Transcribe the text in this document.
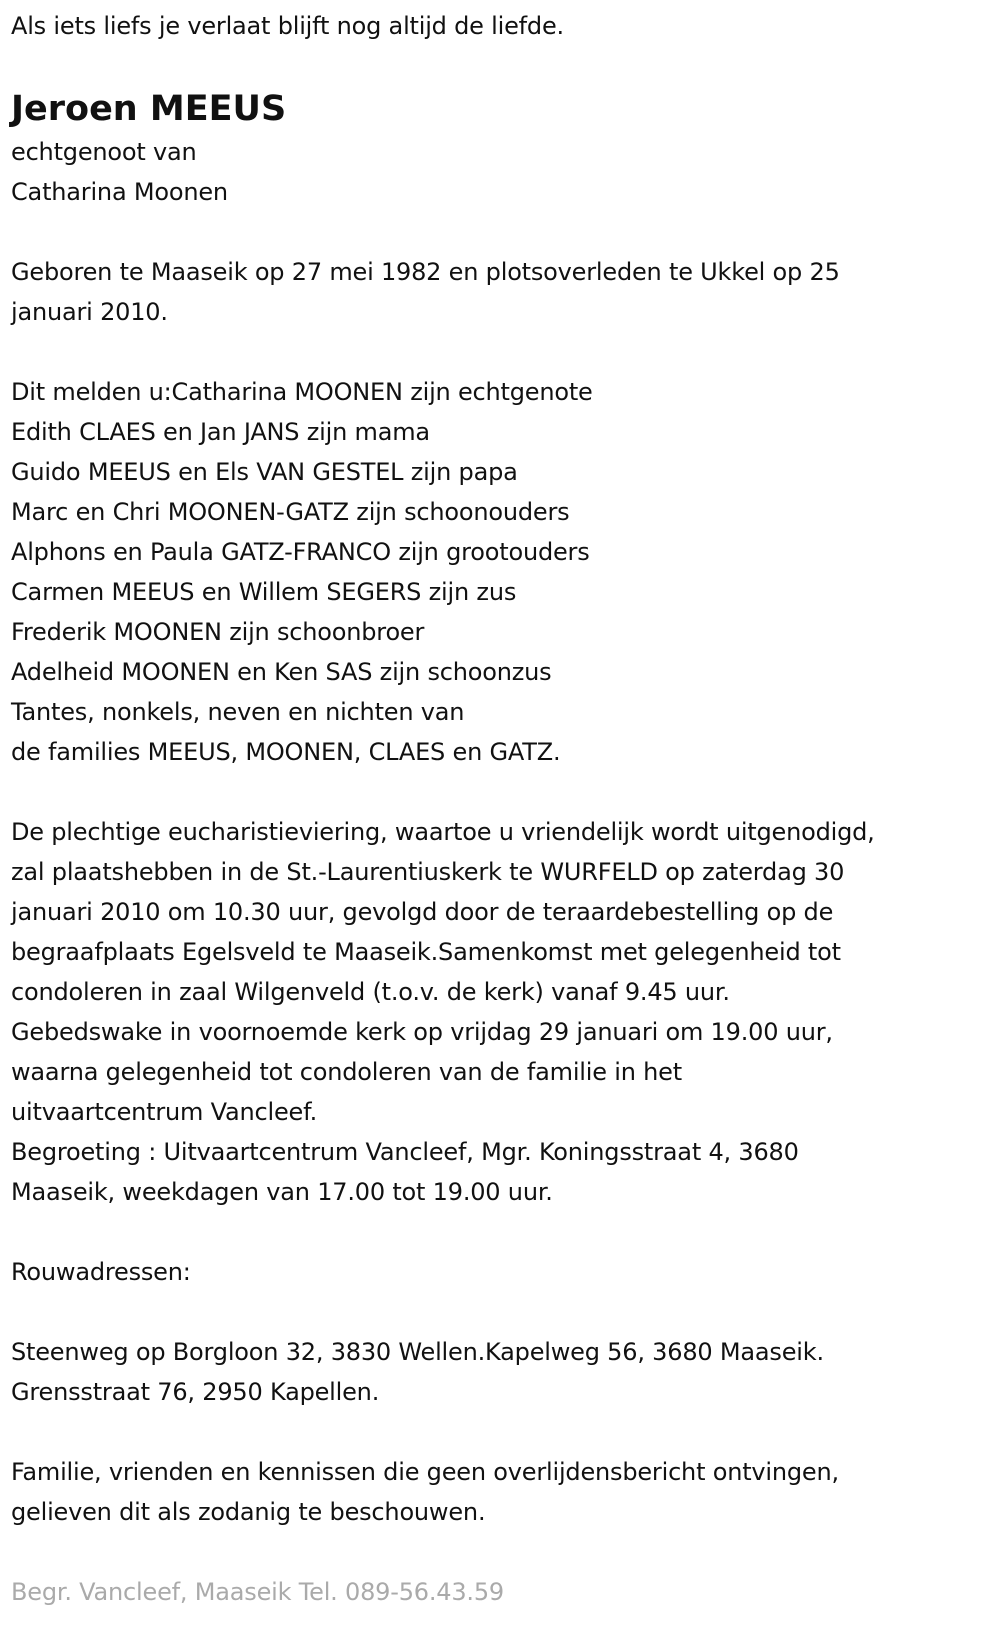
Als iets liefs je verlaat blijft nog altijd de liefde.
Jeroen MEEUS
echtgenoot van
Catharina Moonen
Geboren te Maaseik op 27 mei 1982 en plotsoverleden te Ukkel op 25
januari 2010.
Dit melden u:Catharina MOONEN zijn echtgenote
Edith CLAES en Jan JANS zijn mama
Guido MEEUS en Els VAN GESTEL zijn papa
Marc en Chri MOONEN-GATZ zijn schoonouders
Alphons en Paula GATZ-FRANCO zijn grootouders
Carmen MEEUS en Willem SEGERS zijn zus
Frederik MOONEN zijn schoonbroer
Adelheid MOONEN en Ken SAS zijn schoonzus
Tantes, nonkels, neven en nichten van
de families MEEUS, MOONEN, CLAES en GATZ.
De plechtige eucharistieviering, waartoe u vriendelijk wordt uitgenodigd,
zal plaatshebben in de St.-Laurentiuskerk te WURFELD op zaterdag 30
januari 2010 om 10.30 uur, gevolgd door de teraardebestelling op de
begraafplaats Egelsveld te Maaseik.Samenkomst met gelegenheid tot
condoleren in zaal Wilgenveld (t.o.v. de kerk) vanaf 9.45 uur.
Gebedswake in voornoemde kerk op vrijdag 29 januari om 19.00 uur,
waarna gelegenheid tot condoleren van de familie in het
uitvaartcentrum Vancleef.
Begroeting : Uitvaartcentrum Vancleef, Mgr. Koningsstraat 4, 3680
Maaseik, weekdagen van 17.00 tot 19.00 uur.
Rouwadressen:
Steenweg op Borgloon 32, 3830 Wellen.Kapelweg 56, 3680 Maaseik.
Grensstraat 76, 2950 Kapellen.
Familie, vrienden en kennissen die geen overlijdensbericht ontvingen,
gelieven dit als zodanig te beschouwen.
Begr. Vancleef, Maaseik Tel. 089-56.43.59
